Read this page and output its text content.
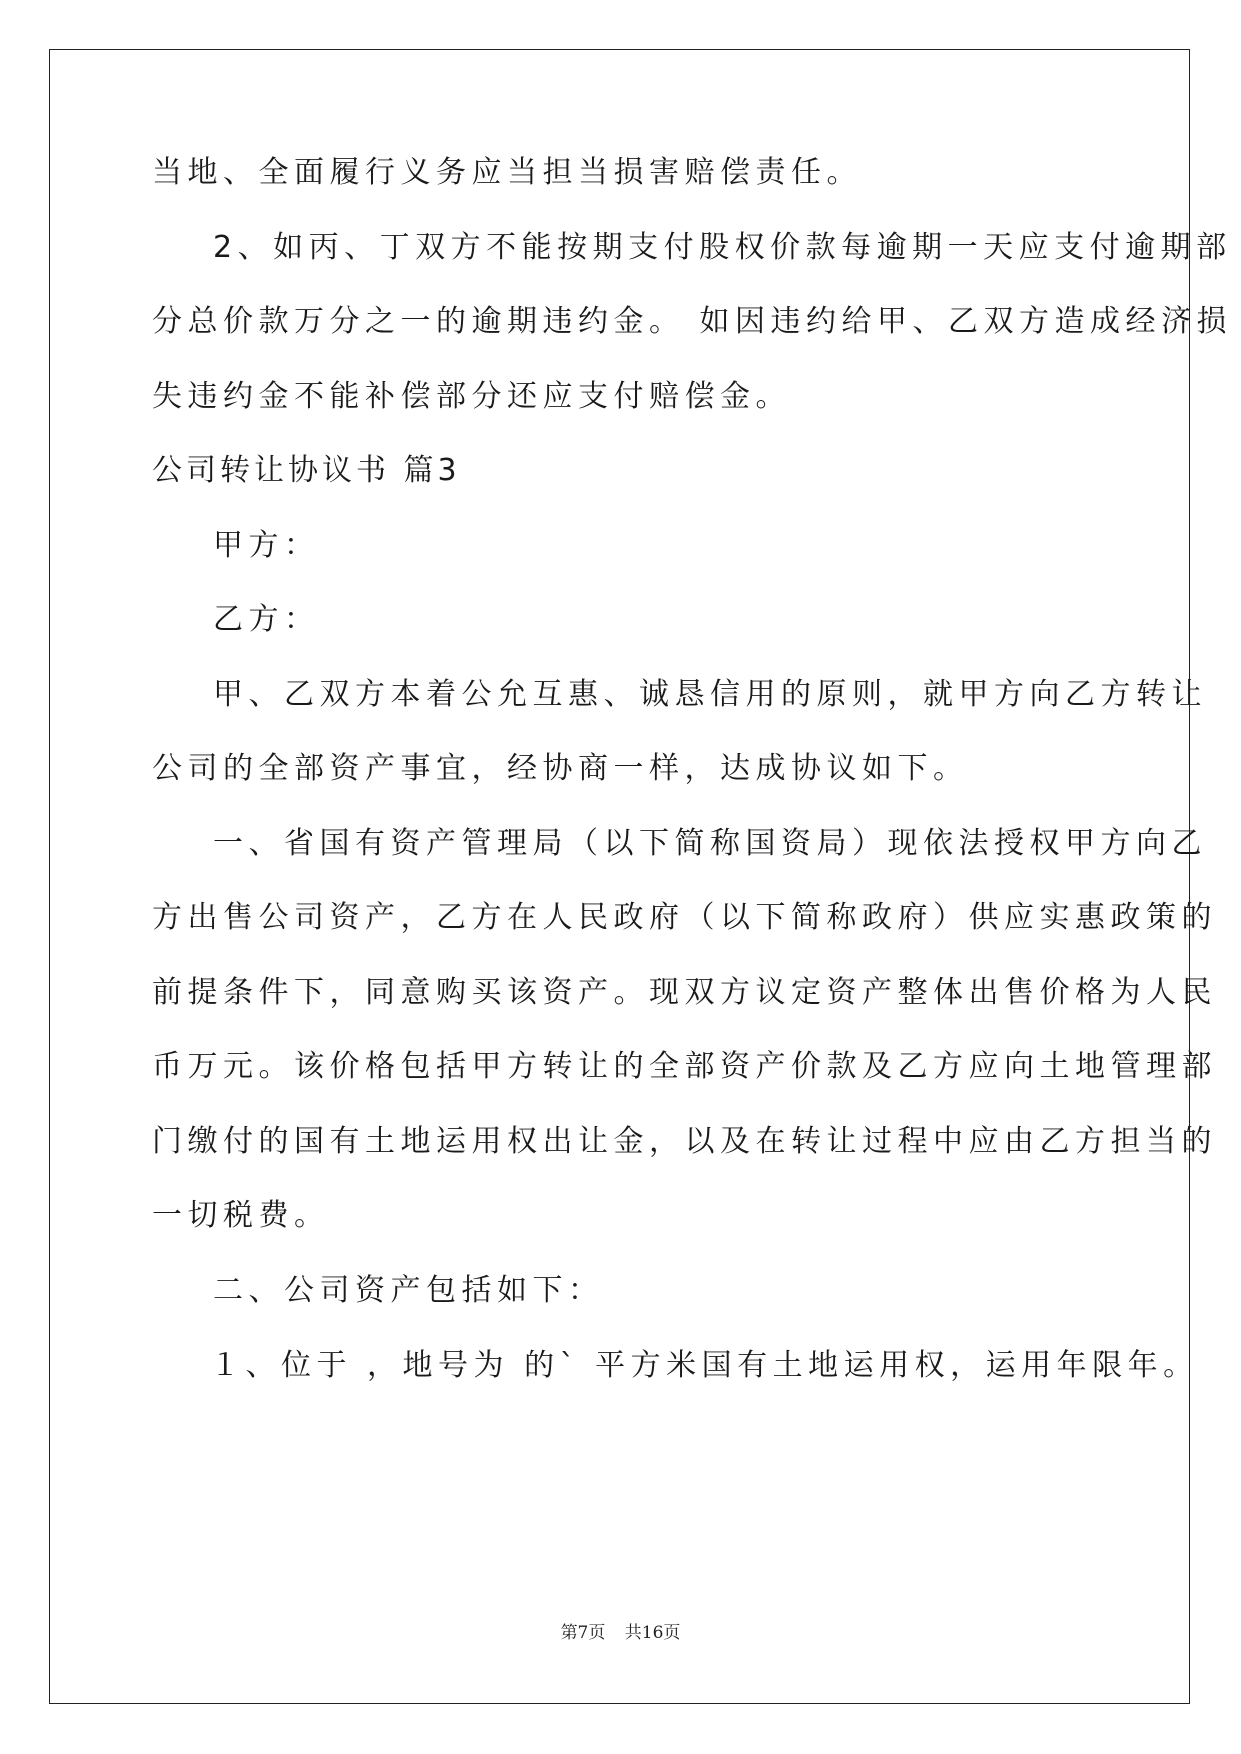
当地、全面履行义务应当担当损害赔偿责任。
2、如丙、丁双方不能按期支付股权价款每逾期一天应支付逾期部
分总价款万分之一的逾期违约金。 如因违约给甲、乙双方造成经济损
失违约金不能补偿部分还应支付赔偿金。
公司转让协议书 篇3
甲方：
乙方：
甲、乙双方本着公允互惠、诚恳信用的原则，就甲方向乙方转让
公司的全部资产事宜，经协商一样，达成协议如下。
一、省国有资产管理局（以下简称国资局）现依法授权甲方向乙
方出售公司资产，乙方在人民政府（以下简称政府）供应实惠政策的
前提条件下，同意购买该资产。现双方议定资产整体出售价格为人民
币万元。该价格包括甲方转让的全部资产价款及乙方应向土地管理部
门缴付的国有土地运用权出让金，以及在转让过程中应由乙方担当的
一切税费。
二、公司资产包括如下：
１、位于 ，地号为 的` 平方米国有土地运用权，运用年限年。
第7页 共16页
